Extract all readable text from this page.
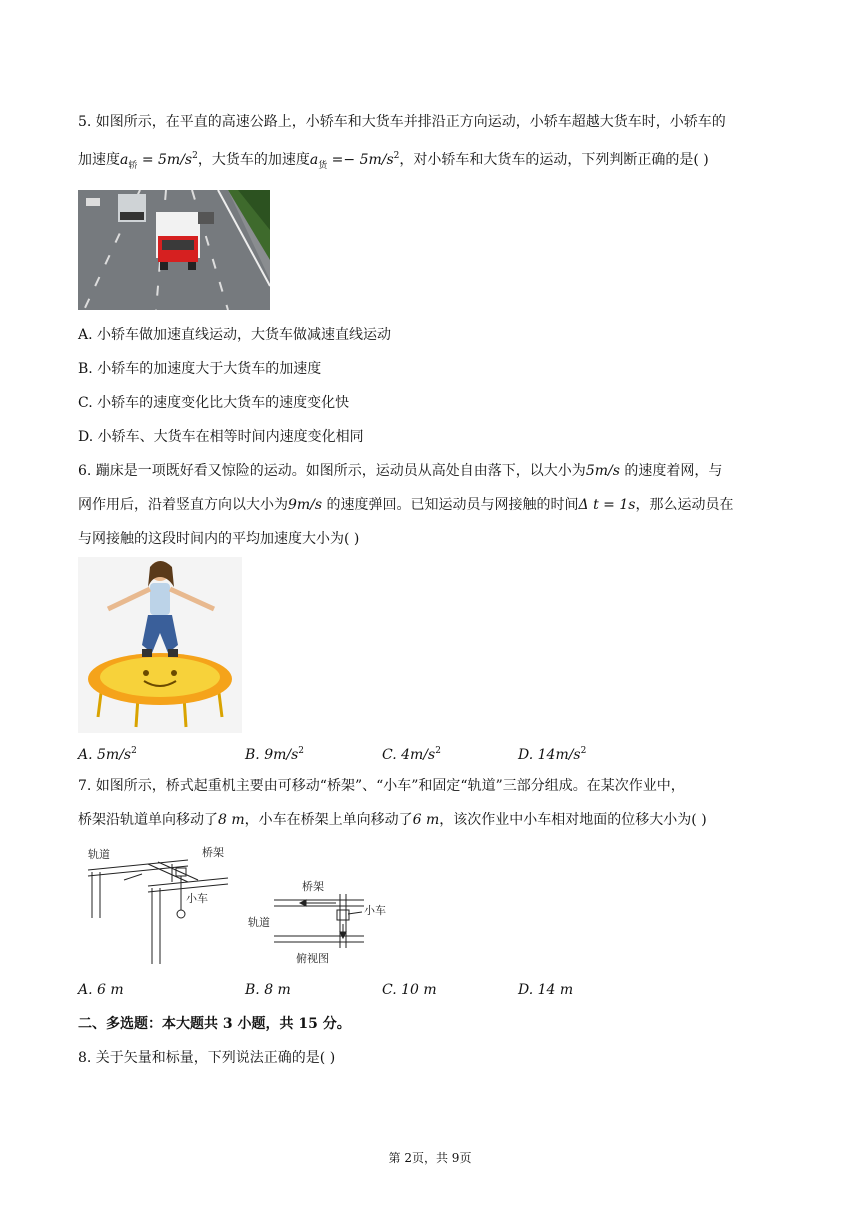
5. 如图所示，在平直的高速公路上，小轿车和大货车并排沿正方向运动，小轿车超越大货车时，小轿车的
加速度$a_轿 = 5m/s^2$，大货车的加速度$a_货 =- 5m/s^2$，对小轿车和大货车的运动，下列判断正确的是( )
A. 小轿车做加速直线运动，大货车做减速直线运动
B. 小轿车的加速度大于大货车的加速度
C. 小轿车的速度变化比大货车的速度变化快
D. 小轿车、大货车在相等时间内速度变化相同
6. 蹦床是一项既好看又惊险的运动。如图所示，运动员从高处自由落下，以大小为5m/s 的速度着网，与
网作用后，沿着竖直方向以大小为9m/s 的速度弹回。已知运动员与网接触的时间Δ t = 1s，那么运动员在
与网接触的这段时间内的平均加速度大小为( )
A. $5m/s^2$	B. $9m/s^2$	C. $4m/s^2$	D. $14m/s^2$
7. 如图所示，桥式起重机主要由可移动“桥架”、“小车”和固定“轨道”三部分组成。在某次作业中，
桥架沿轨道单向移动了8 m，小车在桥架上单向移动了6 m，该次作业中小车相对地面的位移大小为( )
轨道	桥架
小车
桥架
轨道
小车
俯视图
A. 6 m	B. 8 m	C. 10 m	D. 14 m
二、多选题：本大题共 3 小题，共 15 分。
8. 关于矢量和标量，下列说法正确的是( )
第 2页，共 9页
